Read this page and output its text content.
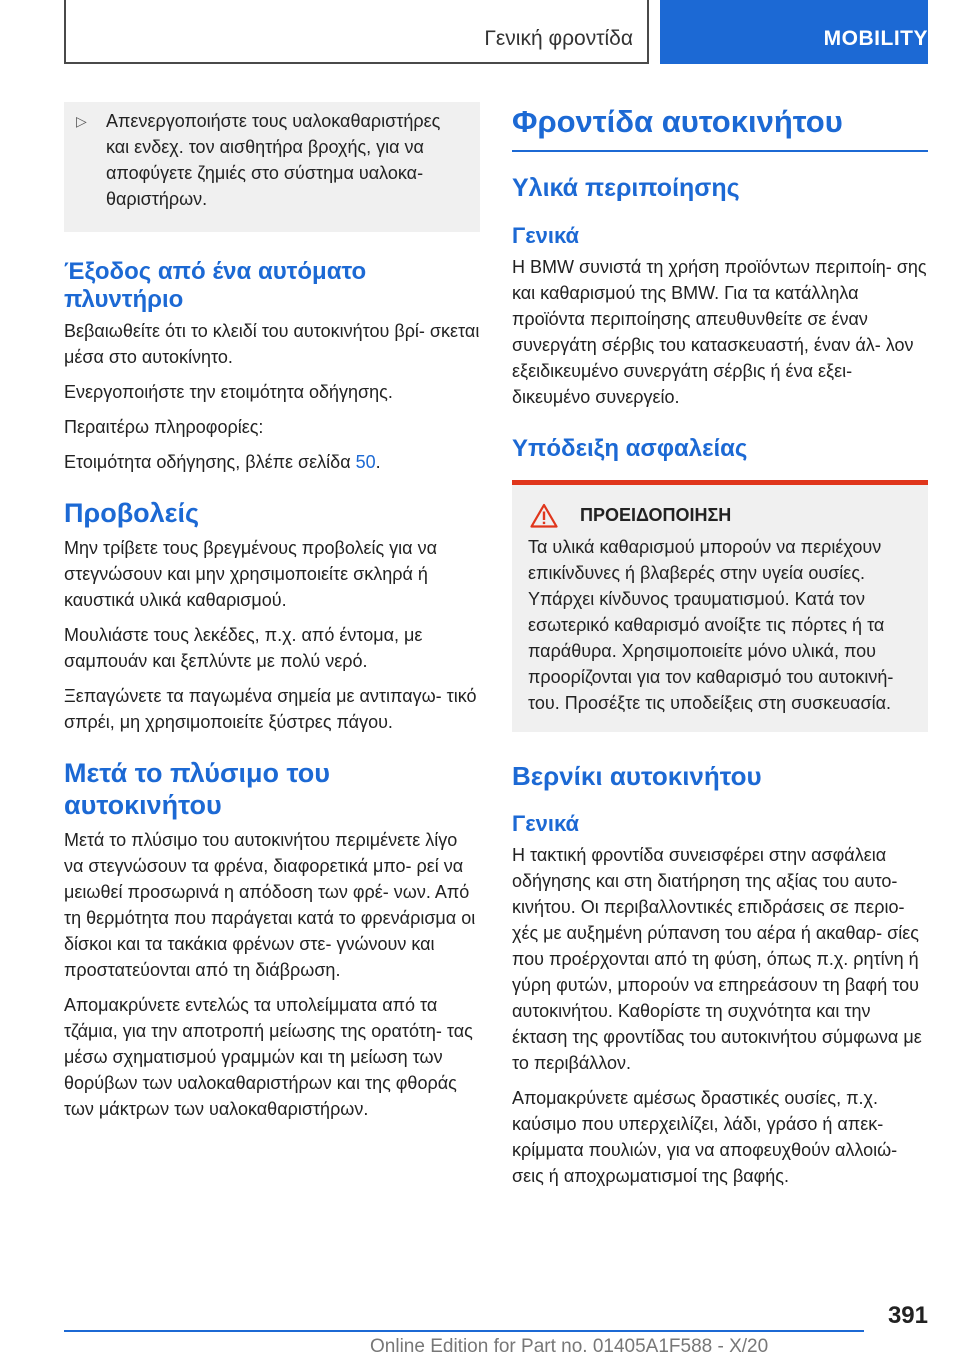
Γενική φροντίδα	MOBILITY
▷	Απενεργοποιήστε τους υαλοκαθαριστήρες και ενδεχ. τον αισθητήρα βροχής, για να αποφύγετε ζημιές στο σύστημα υαλοκα‐ θαριστήρων.
Έξοδος από ένα αυτόματο πλυντήριο

Βεβαιωθείτε ότι το κλειδί του αυτοκινήτου βρί‐ σκεται μέσα στο αυτοκίνητο.

Ενεργοποιήστε την ετοιμότητα οδήγησης.

Περαιτέρω πληροφορίες:

Ετοιμότητα οδήγησης, βλέπε σελίδα 50.

Προβολείς

Μην τρίβετε τους βρεγμένους προβολείς για να στεγνώσουν και μην χρησιμοποιείτε σκληρά ή καυστικά υλικά καθαρισμού.

Μουλιάστε τους λεκέδες, π.χ. από έντομα, με σαμπουάν και ξεπλύντε με πολύ νερό.

Ξεπαγώνετε τα παγωμένα σημεία με αντιπαγω‐ τικό σπρέι, μη χρησιμοποιείτε ξύστρες πάγου.

Μετά το πλύσιμο του αυτοκινήτου

Μετά το πλύσιμο του αυτοκινήτου περιμένετε λίγο να στεγνώσουν τα φρένα, διαφορετικά μπο‐ ρεί να μειωθεί προσωρινά η απόδοση των φρέ‐ νων. Από τη θερμότητα που παράγεται κατά το φρενάρισμα οι δίσκοι και τα τακάκια φρένων στε‐ γνώνουν και προστατεύονται από τη διάβρωση.

Απομακρύνετε εντελώς τα υπολείμματα από τα τζάμια, για την αποτροπή μείωσης της ορατότη‐ τας μέσω σχηματισμού γραμμών και τη μείωση των θορύβων των υαλοκαθαριστήρων και της φθοράς των μάκτρων των υαλοκαθαριστήρων.

Φροντίδα αυτοκινήτου
Υλικά περιποίησης
Γενικά

Η BMW συνιστά τη χρήση προϊόντων περιποίη‐ σης και καθαρισμού της BMW. Για τα κατάλληλα προϊόντα περιποίησης απευθυνθείτε σε έναν συνεργάτη σέρβις του κατασκευαστή, έναν άλ‐ λον εξειδικευμένο συνεργάτη σέρβις ή ένα εξει‐ δικευμένο συνεργείο.

Υπόδειξη ασφαλείας
ΠΡΟΕΙΔΟΠΟΙΗΣΗ
Τα υλικά καθαρισμού μπορούν να περιέχουν επικίνδυνες ή βλαβερές στην υγεία ουσίες. Υπάρχει κίνδυνος τραυματισμού. Κατά τον εσωτερικό καθαρισμό ανοίξτε τις πόρτες ή τα παράθυρα. Χρησιμοποιείτε μόνο υλικά, που προορίζονται για τον καθαρισμό του αυτοκινή‐ του. Προσέξτε τις υποδείξεις στη συσκευασία.
Βερνίκι αυτοκινήτου
Γενικά

Η τακτική φροντίδα συνεισφέρει στην ασφάλεια οδήγησης και στη διατήρηση της αξίας του αυτο‐ κινήτου. Οι περιβαλλοντικές επιδράσεις σε περιο‐ χές με αυξημένη ρύπανση του αέρα ή ακαθαρ‐ σίες που προέρχονται από τη φύση, όπως π.χ. ρητίνη ή γύρη φυτών, μπορούν να επηρεάσουν τη βαφή του αυτοκινήτου. Καθορίστε τη συχνότητα και την έκταση της φροντίδας του αυτοκινήτου σύμφωνα με το περιβάλλον.

Απομακρύνετε αμέσως δραστικές ουσίες, π.χ. καύσιμο που υπερχειλίζει, λάδι, γράσο ή απεκ‐ κρίμματα πουλιών, για να αποφευχθούν αλλοιώ‐ σεις ή αποχρωματισμοί της βαφής.

391
Online Edition for Part no. 01405A1F588 - X/20
